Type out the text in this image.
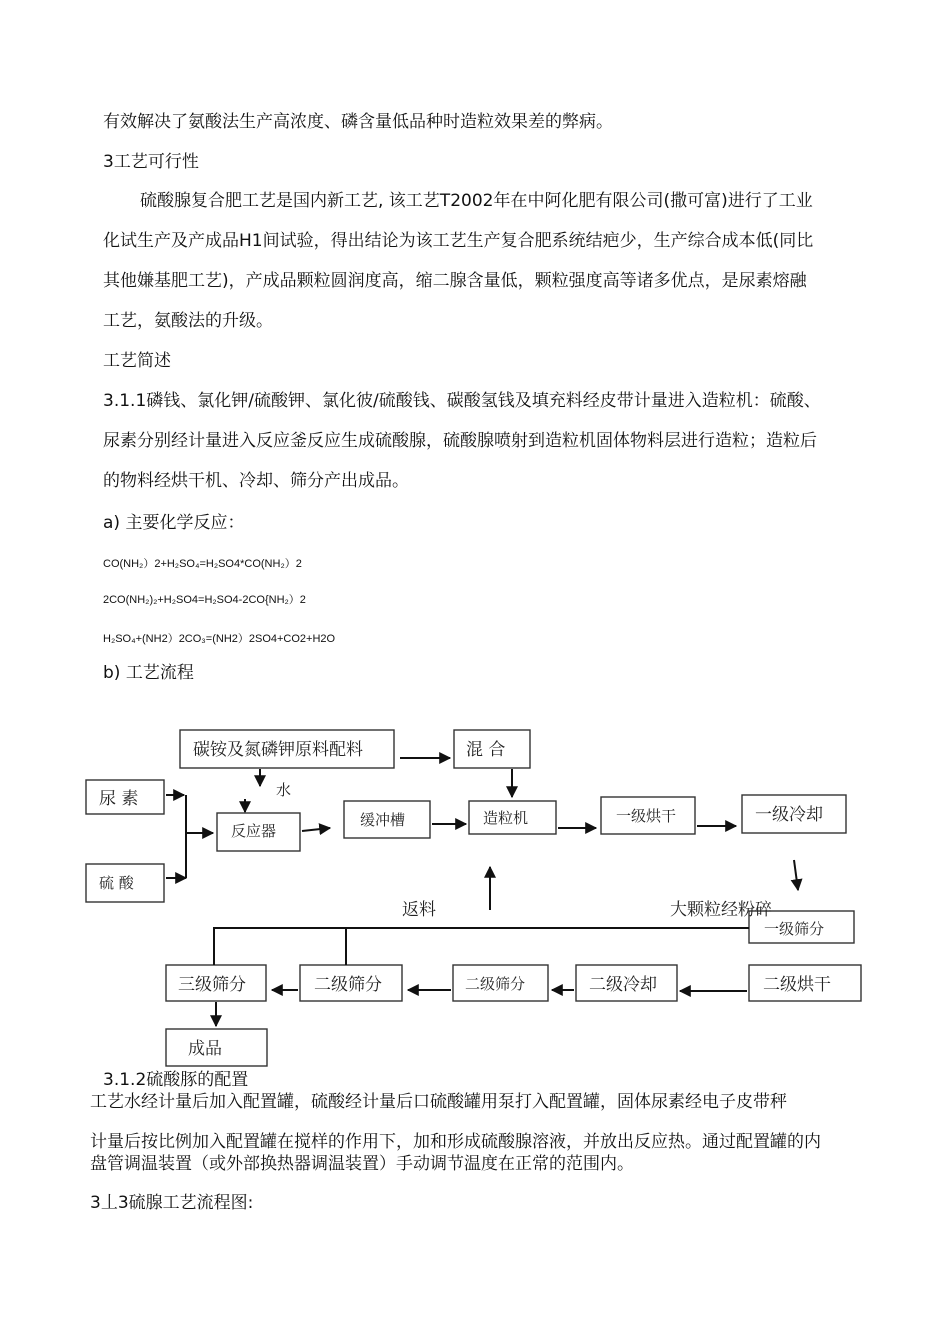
有效解决了氨酸法生产高浓度、磷含量低品种时造粒效果差的弊病。
3工艺可行性
硫酸腺复合肥工艺是国内新工艺, 该工艺T2002年在中阿化肥有限公司(撒可富)进行了工业
化试生产及产成品H1间试验，得出结论为该工艺生产复合肥系统结疤少，生产综合成本低(同比
其他嫌基肥工艺)，产成品颗粒圆润度高，缩二腺含量低，颗粒强度高等诸多优点，是尿素熔融
工艺，氨酸法的升级。
工艺简述
3.1.1磷钱、氯化钾/硫酸钾、氯化彼/硫酸钱、碳酸氢钱及填充料经皮带计量进入造粒机：硫酸、
尿素分别经计量进入反应釜反应生成硫酸腺，硫酸腺喷射到造粒机固体物料层进行造粒；造粒后
的物料经烘干机、冷却、筛分产出成品。
a) 主要化学反应：
CO(NH₂）2+H₂SO₄=H₂SO4*CO(NH₂）2
2CO(NH₂)₂+H₂SO4=H₂SO4-2CO{NH₂）2
H₂SO₄+(NH2）2CO₃=(NH2）2SO4+CO2+H2O
b) 工艺流程
碳铵及氮磷钾原料配料	混 合
水
尿 素
反应器
缓冲槽	造粒机	一级烘干	一级冷却
硫 酸
返料	大颗粒经粉碎
一级筛分
三级筛分	二级筛分	二级筛分	二级冷却	二级烘干
成品
3.1.2硫酸豚的配置
工艺水经计量后加入配置罐，硫酸经计量后口硫酸罐用泵打入配置罐，固体尿素经电子皮带秤
计量后按比例加入配置罐在搅样的作用下，加和形成硫酸腺溶液，并放出反应热。通过配置罐的内
盘管调温装置（或外部换热器调温装置）手动调节温度在正常的范围内。
3丄3硫腺工艺流程图:
